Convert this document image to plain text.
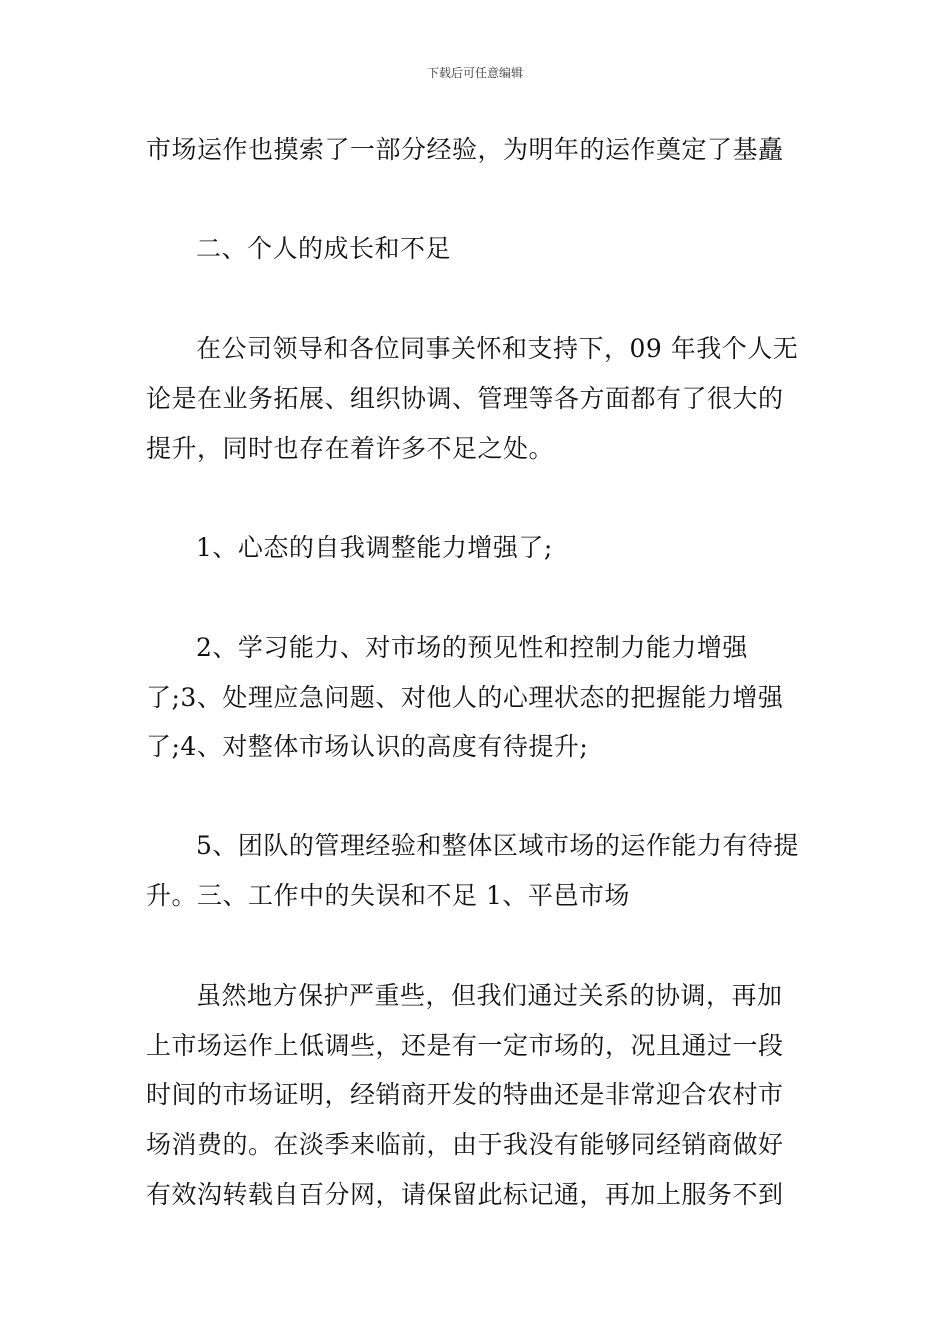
下载后可任意编辑
市场运作也摸索了一部分经验，为明年的运作奠定了基矗
二、个人的成长和不足
在公司领导和各位同事关怀和支持下，09 年我个人无
论是在业务拓展、组织协调、管理等各方面都有了很大的
提升，同时也存在着许多不足之处。
1、心态的自我调整能力增强了;
2、学习能力、对市场的预见性和控制力能力增强
了;3、处理应急问题、对他人的心理状态的把握能力增强
了;4、对整体市场认识的高度有待提升;
5、团队的管理经验和整体区域市场的运作能力有待提
升。三、工作中的失误和不足 1、平邑市场
虽然地方保护严重些，但我们通过关系的协调，再加
上市场运作上低调些，还是有一定市场的，况且通过一段
时间的市场证明，经销商开发的特曲还是非常迎合农村市
场消费的。在淡季来临前，由于我没有能够同经销商做好
有效沟转载自百分网，请保留此标记通，再加上服务不到
